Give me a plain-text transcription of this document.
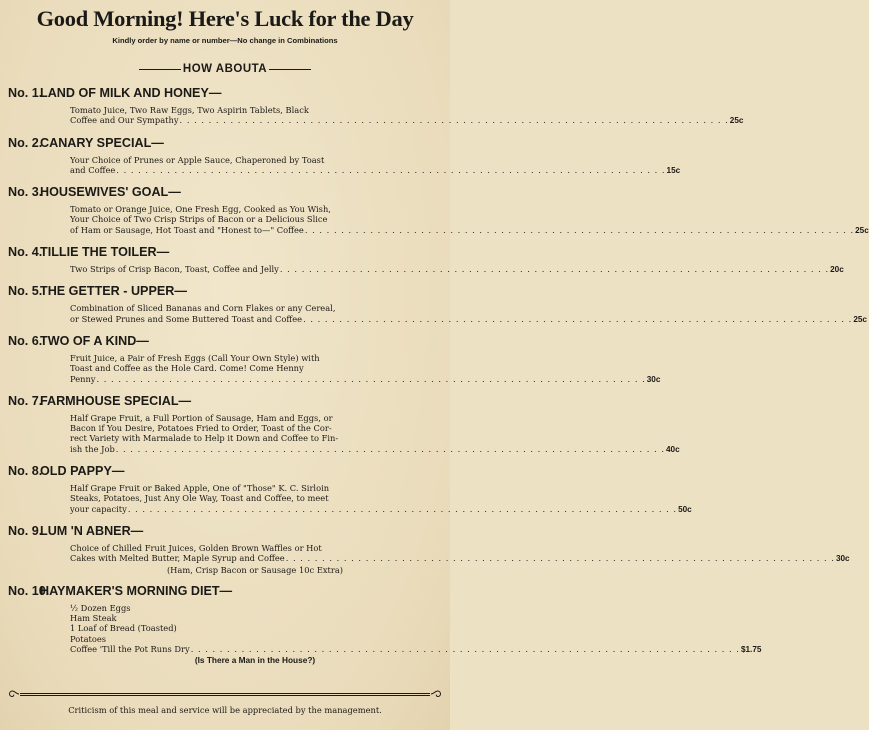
Good Morning! Here's Luck for the Day
Kindly order by name or number—No change in Combinations
HOW ABOUTA
No. 1.LAND OF MILK AND HONEY—
Tomato Juice, Two Raw Eggs, Two Aspirin Tablets, Black
Coffee and Our Sympathy . . . . . . . . . . . . . . . . . . . . . . . . . . . . . . . . . . . . . . . . . . . . . . . . . . . . . . . . . . . . . . . . . . . . . . . . . . . . 25c
No. 2.CANARY SPECIAL—
Your Choice of Prunes or Apple Sauce, Chaperoned by Toast
and Coffee . . . . . . . . . . . . . . . . . . . . . . . . . . . . . . . . . . . . . . . . . . . . . . . . . . . . . . . . . . . . . . . . . . . . . . . . . . . . 15c
No. 3.HOUSEWIVES' GOAL—
Tomato or Orange Juice, One Fresh Egg, Cooked as You Wish,
Your Choice of Two Crisp Strips of Bacon or a Delicious Slice
of Ham or Sausage, Hot Toast and "Honest to—" Coffee . . . . . . . . . . . . . . . . . . . . . . . . . . . . . . . . . . . . . . . . . . . . . . . . . . . . . . . . . . . . . . . . . . . . . . . . . . . . 25c
No. 4.TILLIE THE TOILER—
Two Strips of Crisp Bacon, Toast, Coffee and Jelly . . . . . . . . . . . . . . . . . . . . . . . . . . . . . . . . . . . . . . . . . . . . . . . . . . . . . . . . . . . . . . . . . . . . . . . . . . . . 20c
No. 5.THE GETTER - UPPER—
Combination of Sliced Bananas and Corn Flakes or any Cereal,
or Stewed Prunes and Some Buttered Toast and Coffee . . . . . . . . . . . . . . . . . . . . . . . . . . . . . . . . . . . . . . . . . . . . . . . . . . . . . . . . . . . . . . . . . . . . . . . . . . . . 25c
No. 6.TWO OF A KIND—
Fruit Juice, a Pair of Fresh Eggs (Call Your Own Style) with
Toast and Coffee as the Hole Card. Come! Come Henny
Penny . . . . . . . . . . . . . . . . . . . . . . . . . . . . . . . . . . . . . . . . . . . . . . . . . . . . . . . . . . . . . . . . . . . . . . . . . . . . 30c
No. 7.FARMHOUSE SPECIAL—
Half Grape Fruit, a Full Portion of Sausage, Ham and Eggs, or
Bacon if You Desire, Potatoes Fried to Order, Toast of the Cor-
rect Variety with Marmalade to Help it Down and Coffee to Fin-
ish the Job . . . . . . . . . . . . . . . . . . . . . . . . . . . . . . . . . . . . . . . . . . . . . . . . . . . . . . . . . . . . . . . . . . . . . . . . . . . . 40c
No. 8.OLD PAPPY—
Half Grape Fruit or Baked Apple, One of "Those" K. C. Sirloin
Steaks, Potatoes, Just Any Ole Way, Toast and Coffee, to meet
your capacity . . . . . . . . . . . . . . . . . . . . . . . . . . . . . . . . . . . . . . . . . . . . . . . . . . . . . . . . . . . . . . . . . . . . . . . . . . . . 50c
No. 9.LUM 'N ABNER—
Choice of Chilled Fruit Juices, Golden Brown Waffles or Hot
Cakes with Melted Butter, Maple Syrup and Coffee . . . . . . . . . . . . . . . . . . . . . . . . . . . . . . . . . . . . . . . . . . . . . . . . . . . . . . . . . . . . . . . . . . . . . . . . . . . . 30c
(Ham, Crisp Bacon or Sausage 10c Extra)
No. 10.HAYMAKER'S MORNING DIET—
½ Dozen Eggs
Ham Steak
1 Loaf of Bread (Toasted)
Potatoes
Coffee 'Till the Pot Runs Dry . . . . . . . . . . . . . . . . . . . . . . . . . . . . . . . . . . . . . . . . . . . . . . . . . . . . . . . . . . . . . . . . . . . . . . . . . . . . $1.75
(Is There a Man in the House?)
Criticism of this meal and service will be appreciated by the management.
